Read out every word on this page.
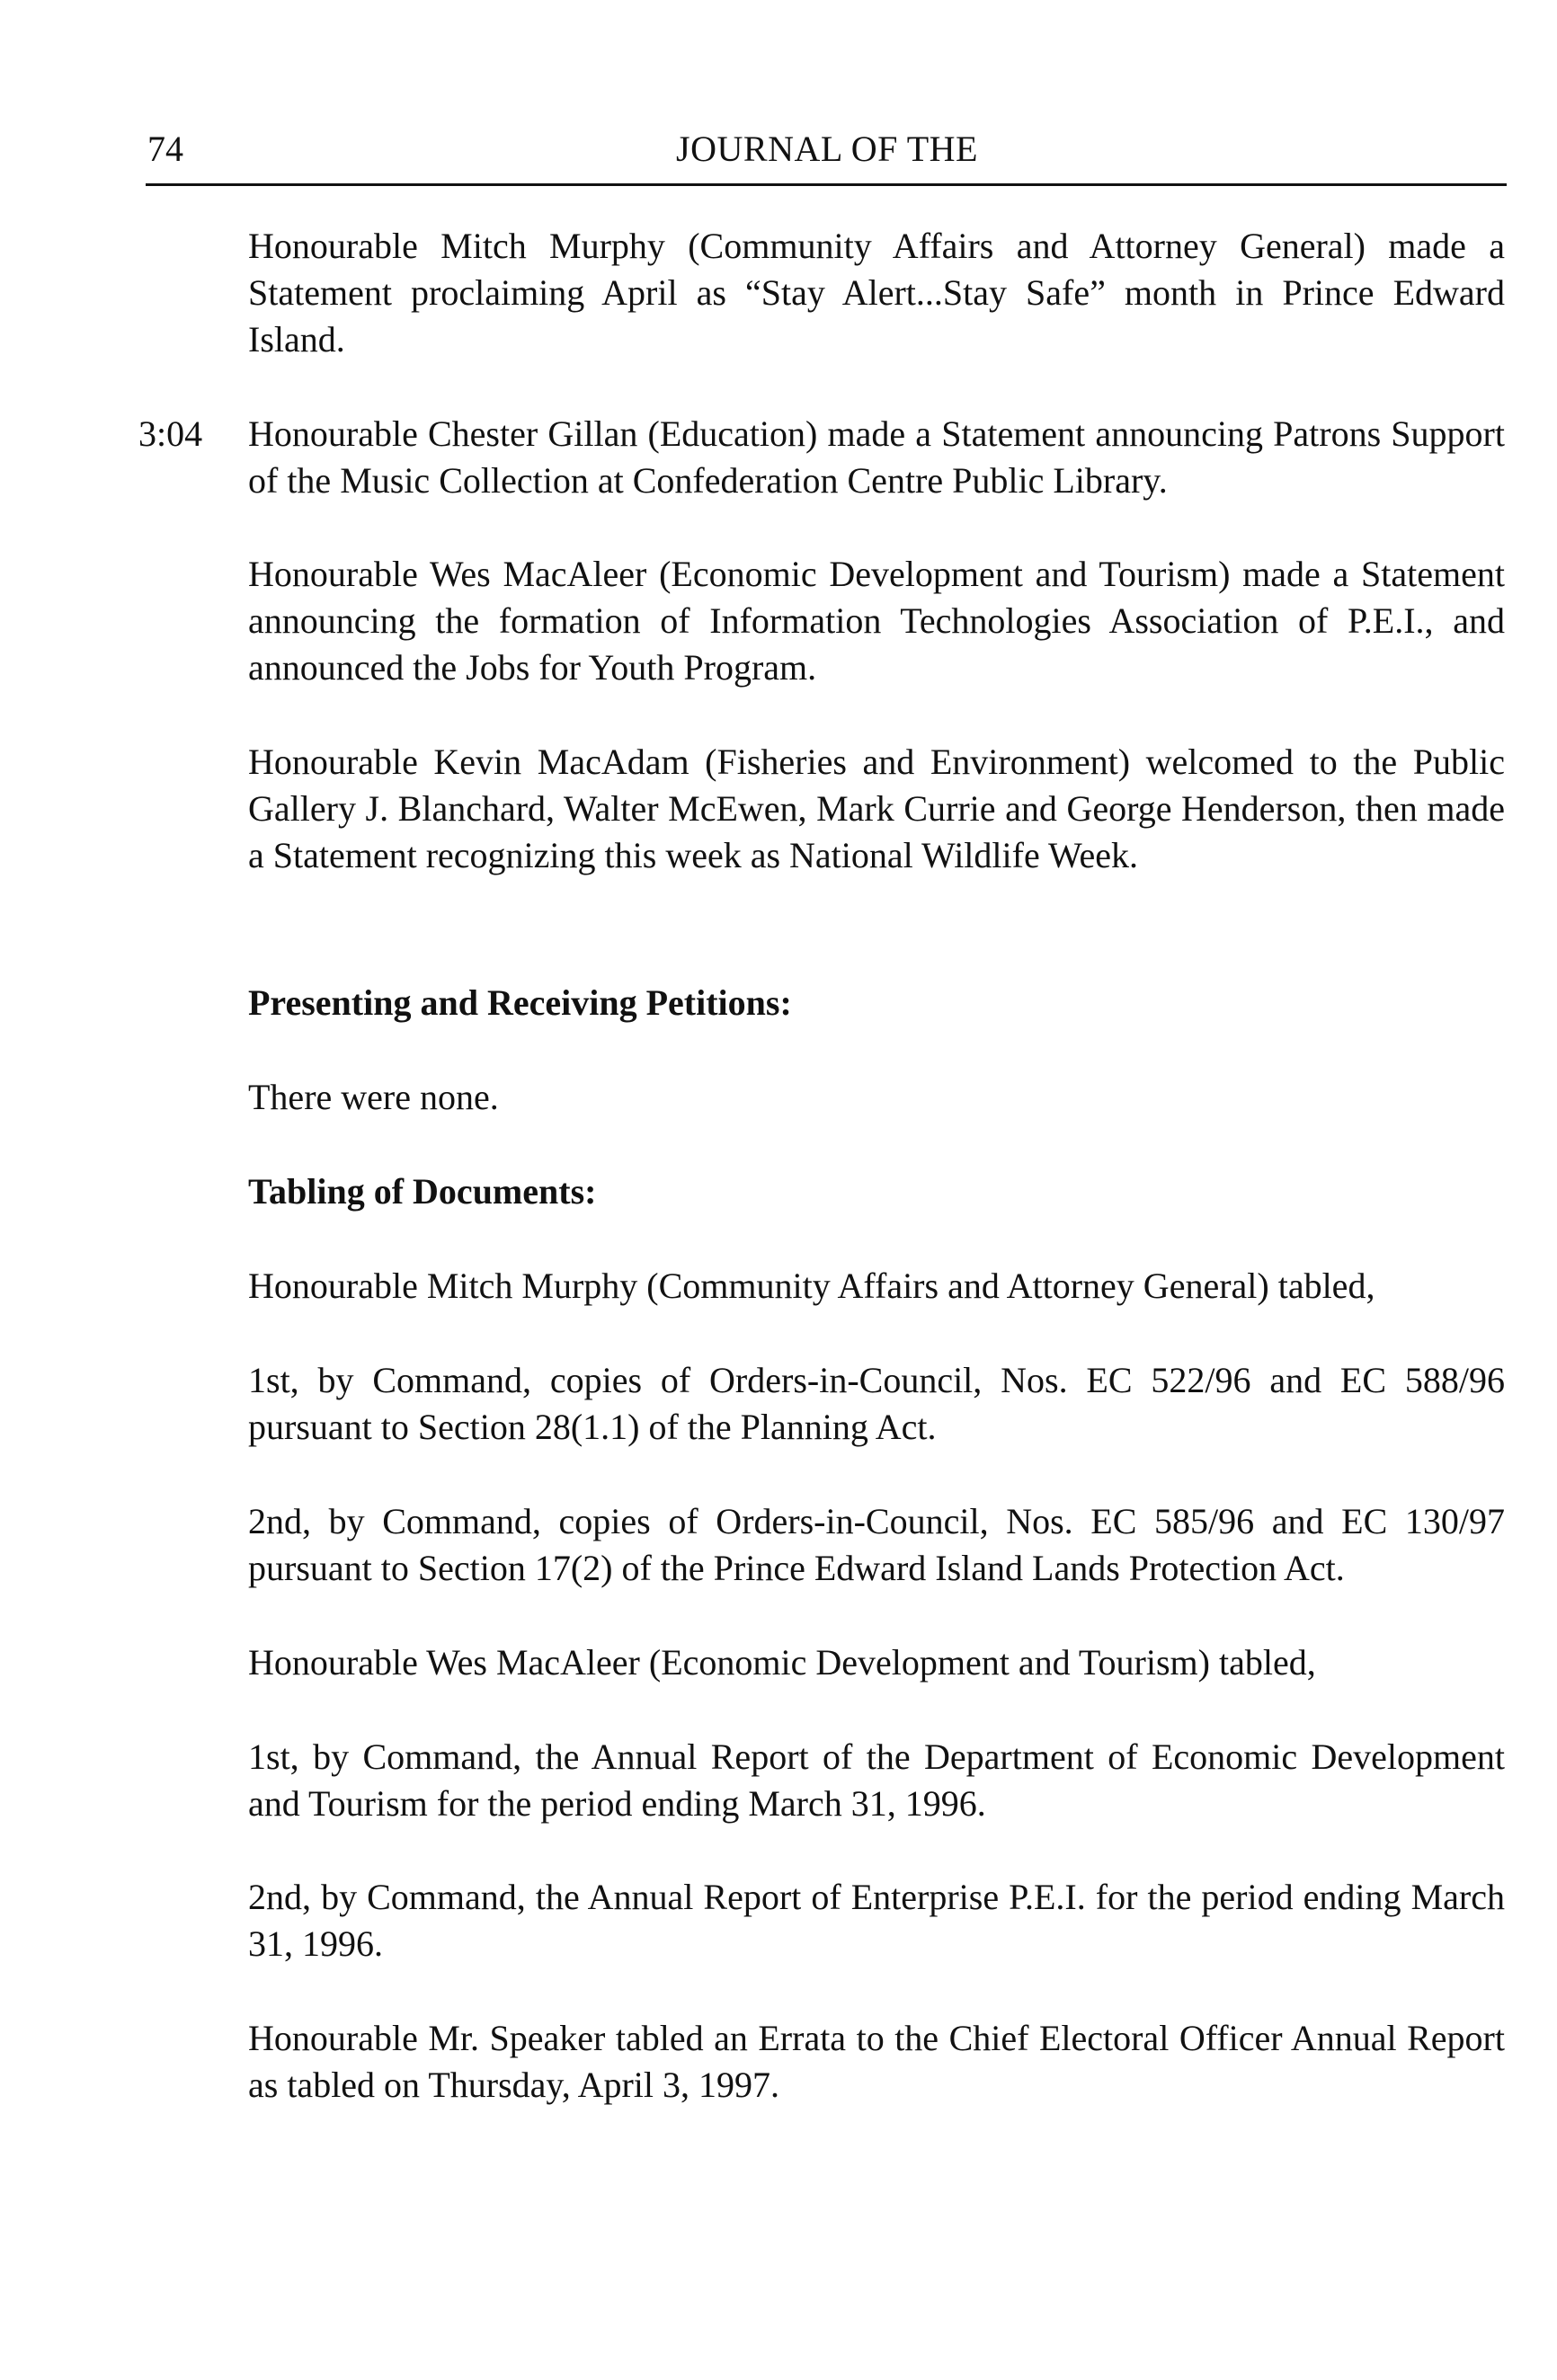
74	JOURNAL OF THE

Honourable Mitch Murphy (Community Affairs and Attorney General) made a Statement proclaiming April as “Stay Alert...Stay Safe” month in Prince Edward Island.

3:04	Honourable Chester Gillan (Education) made a Statement announcing Patrons Support of the Music Collection at Confederation Centre Public Library.

Honourable Wes MacAleer (Economic Development and Tourism) made a Statement announcing the formation of Information Technologies Association of P.E.I., and announced the Jobs for Youth Program.

Honourable Kevin MacAdam (Fisheries and Environment) welcomed to the Public Gallery J. Blanchard, Walter McEwen, Mark Currie and George Henderson, then made a Statement recognizing this week as National Wildlife Week.

Presenting and Receiving Petitions:

There were none.

Tabling of Documents:

Honourable Mitch Murphy (Community Affairs and Attorney General) tabled,

1st, by Command, copies of Orders-in-Council, Nos. EC 522/96 and EC 588/96 pursuant to Section 28(1.1) of the Planning Act.

2nd, by Command, copies of Orders-in-Council, Nos. EC 585/96 and EC 130/97 pursuant to Section 17(2) of the Prince Edward Island Lands Protection Act.

Honourable Wes MacAleer (Economic Development and Tourism) tabled,

1st, by Command, the Annual Report of the Department of Economic Development and Tourism for the period ending March 31, 1996.

2nd, by Command, the Annual Report of Enterprise P.E.I. for the period ending March 31, 1996.

Honourable Mr. Speaker tabled an Errata to the Chief Electoral Officer Annual Report as tabled on Thursday, April 3, 1997.
